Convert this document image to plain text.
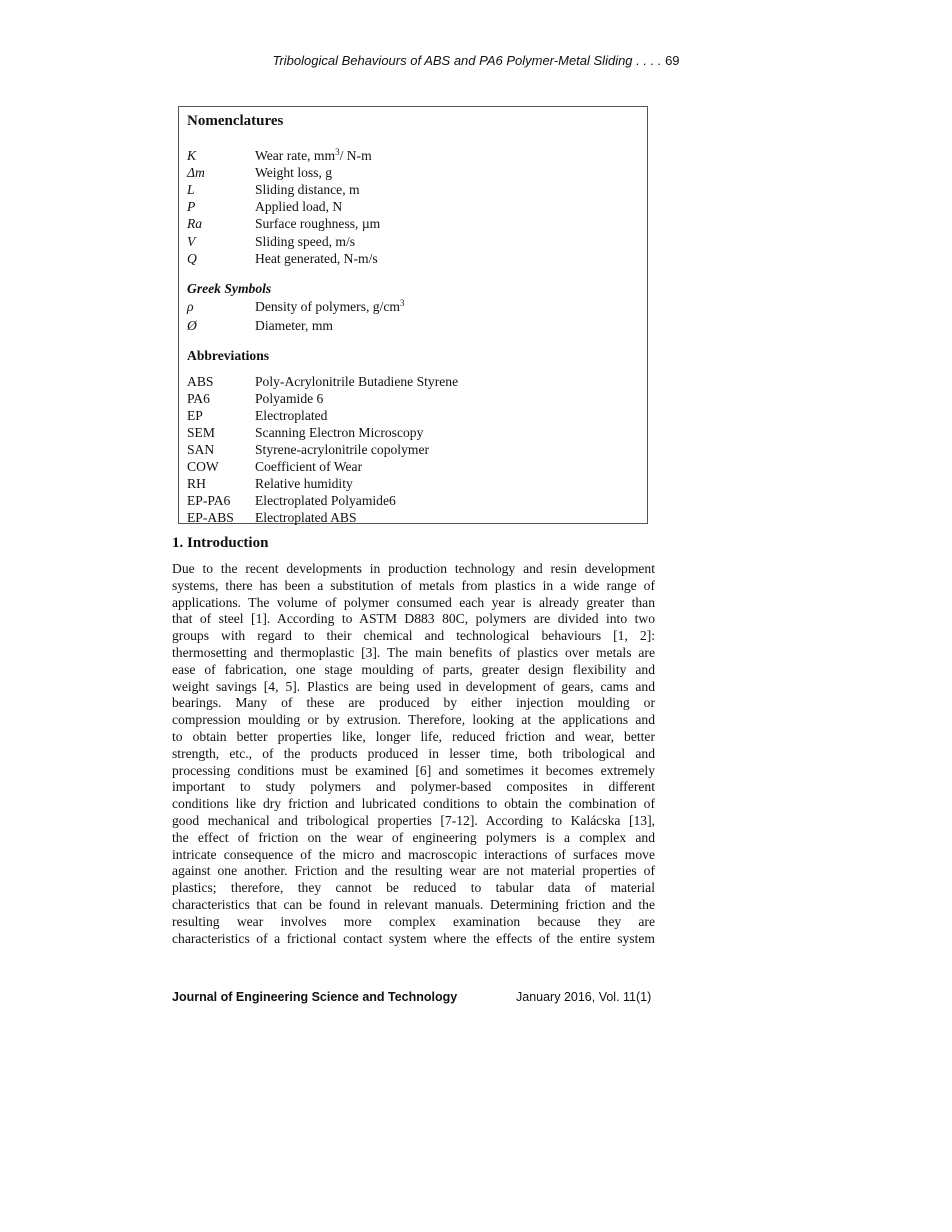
Tribological Behaviours of ABS and PA6 Polymer-Metal Sliding . . . . 69
Nomenclatures
K	Wear rate, $mm^3/$ N-m
Δm	Weight loss, g
L	Sliding distance, m
P	Applied load, N
Ra	Surface roughness, µm
V	Sliding speed, m/s
Q	Heat generated, N-m/s
Greek Symbols
ρ	Density of polymers, $g/cm^3$
Ø	Diameter, mm
Abbreviations
ABS	Poly-Acrylonitrile Butadiene Styrene
PA6	Polyamide 6
EP	Electroplated
SEM	Scanning Electron Microscopy
SAN	Styrene-acrylonitrile copolymer
COW	Coefficient of Wear
RH	Relative humidity
EP-PA6	Electroplated Polyamide6
EP-ABS	Electroplated ABS
1. Introduction
Due to the recent developments in production technology and resin development
systems, there has been a substitution of metals from plastics in a wide range of
applications. The volume of polymer consumed each year is already greater than
that of steel [1]. According to ASTM D883 80C, polymers are divided into two
groups with regard to their chemical and technological behaviours [1, 2]:
thermosetting and thermoplastic [3]. The main benefits of plastics over metals are
ease of fabrication, one stage moulding of parts, greater design flexibility and
weight savings [4, 5]. Plastics are being used in development of gears, cams and
bearings. Many of these are produced by either injection moulding or
compression moulding or by extrusion. Therefore, looking at the applications and
to obtain better properties like, longer life, reduced friction and wear, better
strength, etc., of the products produced in lesser time, both tribological and
processing conditions must be examined [6] and sometimes it becomes extremely
important to study polymers and polymer-based composites in different
conditions like dry friction and lubricated conditions to obtain the combination of
good mechanical and tribological properties [7-12]. According to Kalácska [13],
the effect of friction on the wear of engineering polymers is a complex and
intricate consequence of the micro and macroscopic interactions of surfaces move
against one another. Friction and the resulting wear are not material properties of
plastics; therefore, they cannot be reduced to tabular data of material
characteristics that can be found in relevant manuals. Determining friction and the
resulting wear involves more complex examination because they are
characteristics of a frictional contact system where the effects of the entire system
Journal of Engineering Science and Technology	January 2016, Vol. 11(1)
